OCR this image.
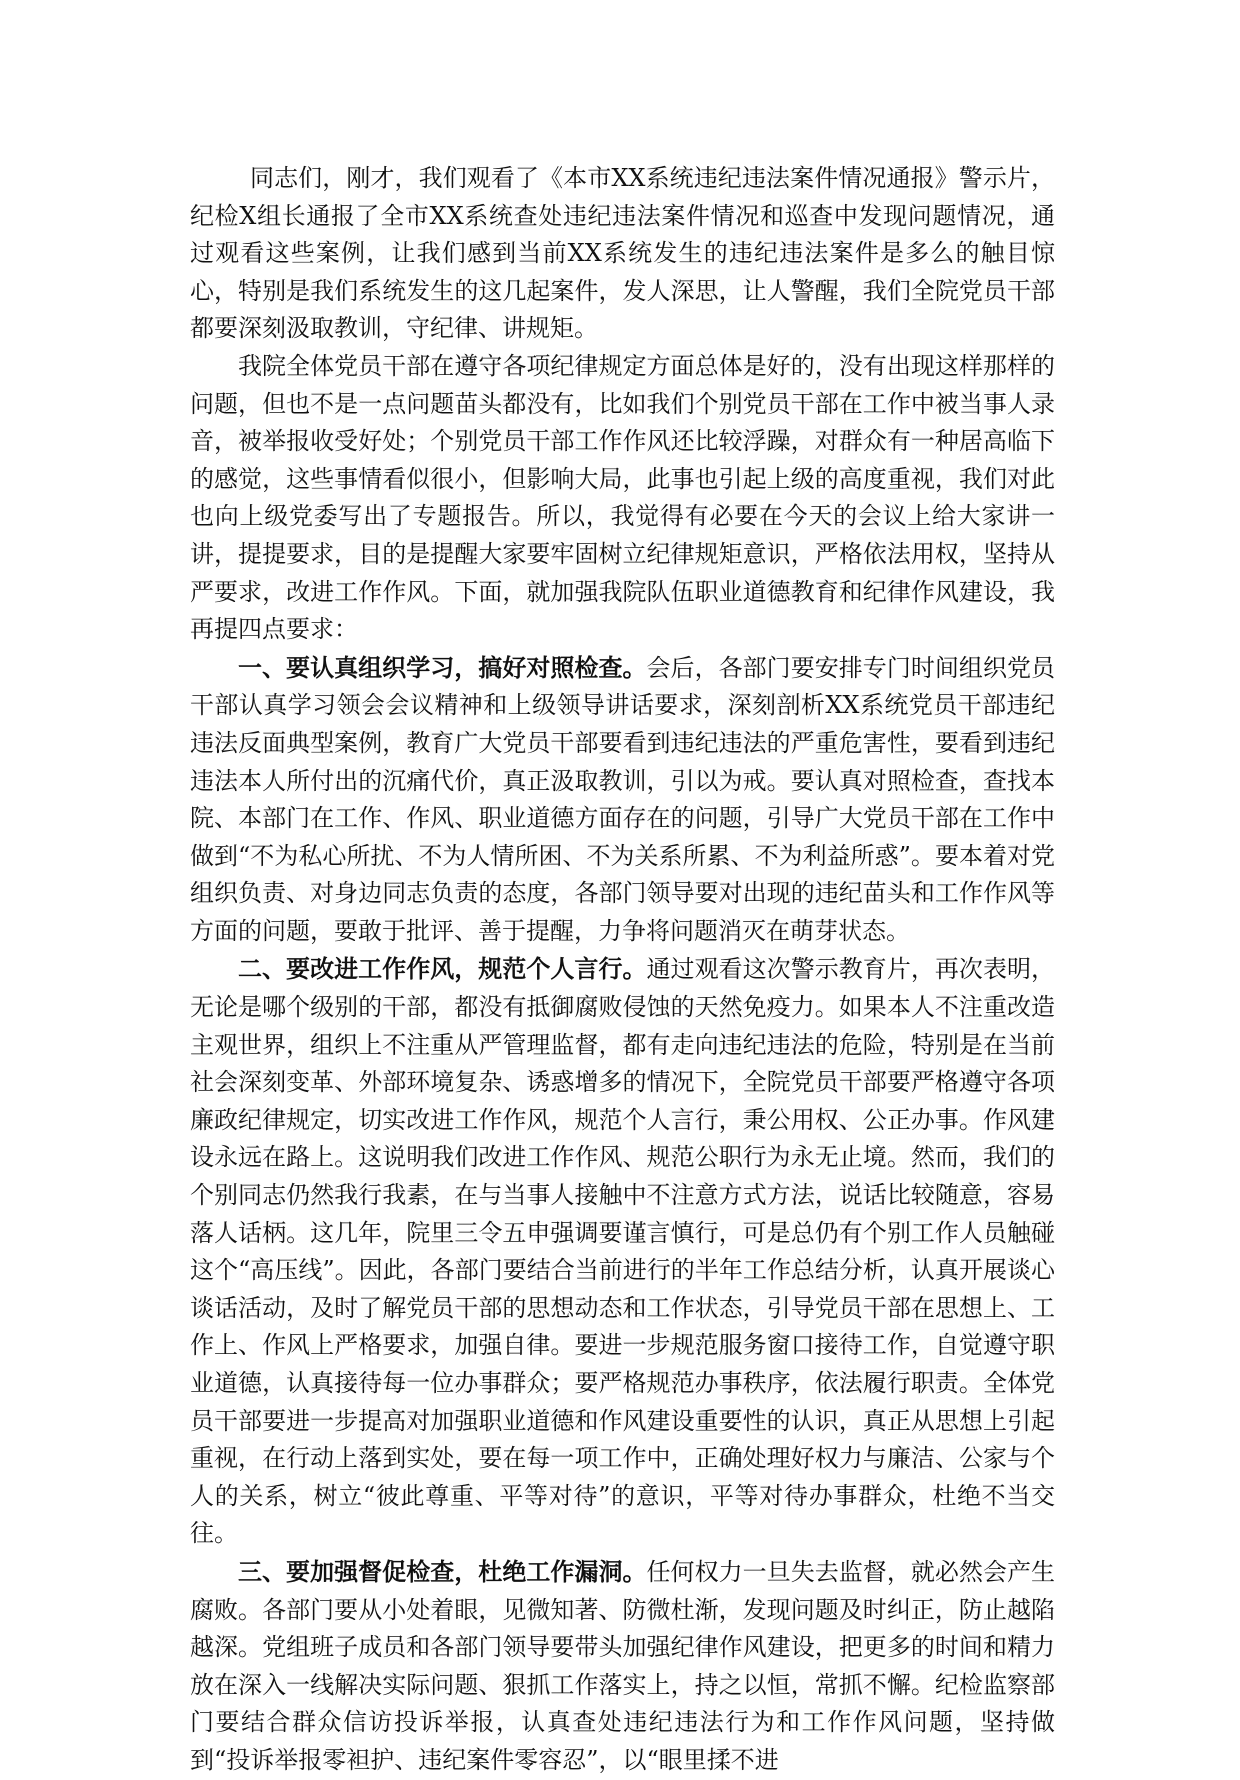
同志们，刚才，我们观看了《本市XX系统违纪违法案件情况通报》警示片，纪检X组长通报了全市XX系统查处违纪违法案件情况和巡查中发现问题情况，通过观看这些案例，让我们感到当前XX系统发生的违纪违法案件是多么的触目惊心，特别是我们系统发生的这几起案件，发人深思，让人警醒，我们全院党员干部都要深刻汲取教训，守纪律、讲规矩。

我院全体党员干部在遵守各项纪律规定方面总体是好的，没有出现这样那样的问题，但也不是一点问题苗头都没有，比如我们个别党员干部在工作中被当事人录音，被举报收受好处；个别党员干部工作作风还比较浮躁，对群众有一种居高临下的感觉，这些事情看似很小，但影响大局，此事也引起上级的高度重视，我们对此也向上级党委写出了专题报告。所以，我觉得有必要在今天的会议上给大家讲一讲，提提要求，目的是提醒大家要牢固树立纪律规矩意识，严格依法用权，坚持从严要求，改进工作作风。下面，就加强我院队伍职业道德教育和纪律作风建设，我再提四点要求：

一、要认真组织学习，搞好对照检查。会后，各部门要安排专门时间组织党员干部认真学习领会会议精神和上级领导讲话要求，深刻剖析XX系统党员干部违纪违法反面典型案例，教育广大党员干部要看到违纪违法的严重危害性，要看到违纪违法本人所付出的沉痛代价，真正汲取教训，引以为戒。要认真对照检查，查找本院、本部门在工作、作风、职业道德方面存在的问题，引导广大党员干部在工作中做到“不为私心所扰、不为人情所困、不为关系所累、不为利益所惑”。要本着对党组织负责、对身边同志负责的态度，各部门领导要对出现的违纪苗头和工作作风等方面的问题，要敢于批评、善于提醒，力争将问题消灭在萌芽状态。

二、要改进工作作风，规范个人言行。通过观看这次警示教育片，再次表明，无论是哪个级别的干部，都没有抵御腐败侵蚀的天然免疫力。如果本人不注重改造主观世界，组织上不注重从严管理监督，都有走向违纪违法的危险，特别是在当前社会深刻变革、外部环境复杂、诱惑增多的情况下，全院党员干部要严格遵守各项廉政纪律规定，切实改进工作作风，规范个人言行，秉公用权、公正办事。作风建设永远在路上。这说明我们改进工作作风、规范公职行为永无止境。然而，我们的个别同志仍然我行我素，在与当事人接触中不注意方式方法，说话比较随意，容易落人话柄。这几年，院里三令五申强调要谨言慎行，可是总仍有个别工作人员触碰这个“高压线”。因此，各部门要结合当前进行的半年工作总结分析，认真开展谈心谈话活动，及时了解党员干部的思想动态和工作状态，引导党员干部在思想上、工作上、作风上严格要求，加强自律。要进一步规范服务窗口接待工作，自觉遵守职业道德，认真接待每一位办事群众；要严格规范办事秩序，依法履行职责。全体党员干部要进一步提高对加强职业道德和作风建设重要性的认识，真正从思想上引起重视，在行动上落到实处，要在每一项工作中，正确处理好权力与廉洁、公家与个人的关系，树立“彼此尊重、平等对待”的意识，平等对待办事群众，杜绝不当交往。

三、要加强督促检查，杜绝工作漏洞。任何权力一旦失去监督，就必然会产生腐败。各部门要从小处着眼，见微知著、防微杜渐，发现问题及时纠正，防止越陷越深。党组班子成员和各部门领导要带头加强纪律作风建设，把更多的时间和精力放在深入一线解决实际问题、狠抓工作落实上，持之以恒，常抓不懈。纪检监察部门要结合群众信访投诉举报，认真查处违纪违法行为和工作作风问题，坚持做到“投诉举报零袒护、违纪案件零容忍”，以“眼里揉不进
